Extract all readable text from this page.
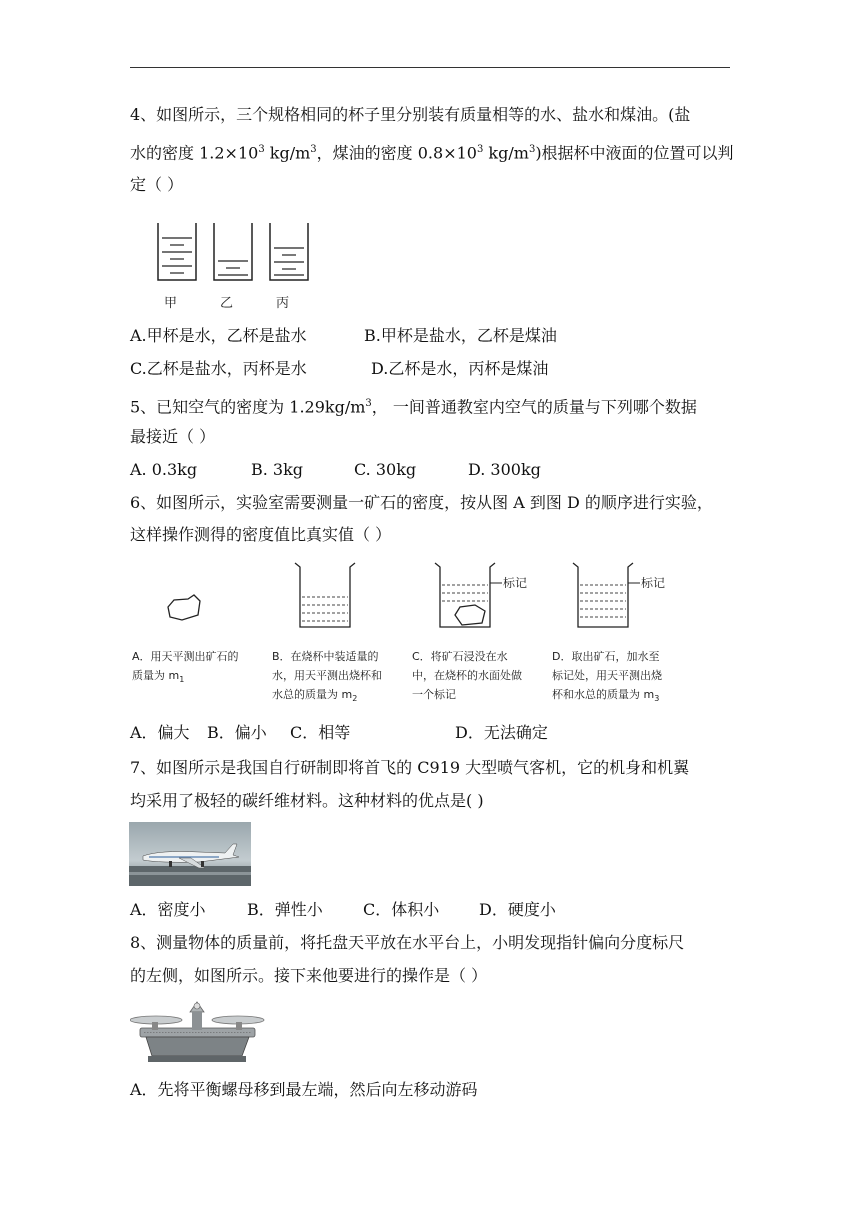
4、如图所示，三个规格相同的杯子里分别装有质量相等的水、盐水和煤油。(盐
水的密度 $1.2\times 10^3$ $kg/m^3$，煤油的密度 $0.8\times 10^3$ $kg/m^3$)根据杯中液面的位置可以判
定（ ）
甲	乙	丙
A.甲杯是水，乙杯是盐水	B.甲杯是盐水，乙杯是煤油
C.乙杯是盐水，丙杯是水	D.乙杯是水，丙杯是煤油
5、已知空气的密度为 $1.29kg/m^3$， 一间普通教室内空气的质量与下列哪个数据
最接近（ ）
A. 0.3kg	B. 3kg	C. 30kg	D. 300kg
6、如图所示，实验室需要测量一矿石的密度，按从图 A 到图 D 的顺序进行实验，
这样操作测得的密度值比真实值（ ）
标记	标记
A．用天平测出矿石的
质量为 $m_1$
B．在烧杯中装适量的
水，用天平测出烧杯和
水总的质量为 $m_2$
C．将矿石浸没在水
中，在烧杯的水面处做
一个标记
D．取出矿石，加水至
标记处，用天平测出烧
杯和水总的质量为 $m_3$
A．偏大 B．偏小 C．相等	D．无法确定
7、如图所示是我国自行研制即将首飞的 C919 大型喷气客机，它的机身和机翼
均采用了极轻的碳纤维材料。这种材料的优点是( )
A．密度小	B．弹性小	C．体积小 D．硬度小
8、测量物体的质量前，将托盘天平放在水平台上，小明发现指针偏向分度标尺
的左侧，如图所示。接下来他要进行的操作是（ ）
A．先将平衡螺母移到最左端，然后向左移动游码
